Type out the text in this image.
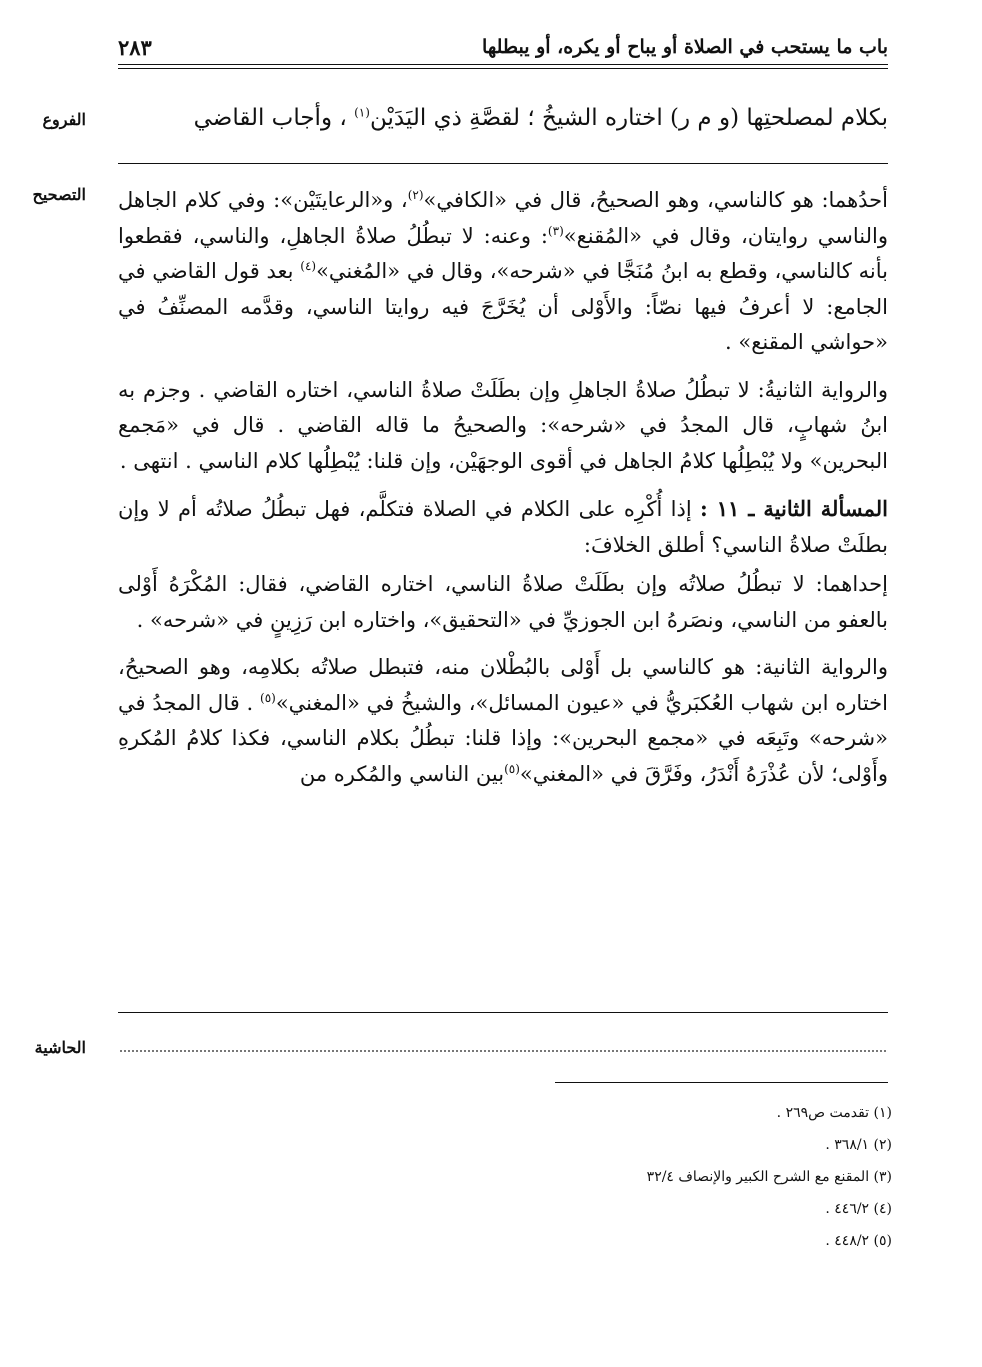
باب ما يستحب في الصلاة أو يباح أو يكره، أو يبطلها
٢٨٣
الفروع	بكلام لمصلحتِها (و م ر) اختاره الشيخُ ؛ لقصَّةِ ذي اليَدَيْن$^{(١)}$ ، وأجاب القاضي
التصحيح	أحدُهما: هو كالناسي، وهو الصحيحُ، قال في «الكافي»$^{(٢)}$، و«الرعايتَيْن»: وفي كلام الجاهل والناسي روايتان، وقال في «المُقنع»$^{(٣)}$: وعنه: لا تبطُلُ صلاةُ الجاهلِ، والناسي، فقطعوا بأنه كالناسي، وقطع به ابنُ مُنَجَّا في «شرحه»، وقال في «المُغني»$^{(٤)}$ بعد قول القاضي في الجامع: لا أعرفُ فيها نصّاً: والأَوْلى أن يُخَرَّجَ فيه روايتا الناسي، وقدَّمه المصنِّفُ في «حواشي المقنع» .

والرواية الثانيةُ: لا تبطُلُ صلاةُ الجاهلِ وإن بطَلَتْ صلاةُ الناسي، اختاره القاضي . وجزم به ابنُ شهابٍ، قال المجدُ في «شرحه»: والصحيحُ ما قاله القاضي . قال في «مَجمع البحرين» ولا يُبْطِلُها كلامُ الجاهل في أقوى الوجهَيْن، وإن قلنا: يُبْطِلُها كلام الناسي . انتهى .

المسألة الثانية ـ ١١ : إذا أُكْرِه على الكلام في الصلاة فتكلَّم، فهل تبطُلُ صلاتُه أم لا وإن بطلَتْ صلاةُ الناسي؟ أطلق الخلافَ:

إحداهما: لا تبطُلُ صلاتُه وإن بطَلَتْ صلاةُ الناسي، اختاره القاضي، فقال: المُكْرَهُ أَوْلى بالعفو من الناسي، ونصَرهُ ابن الجوزيِّ في «التحقيق»، واختاره ابن رَزِينٍ في «شرحه» .

والرواية الثانية: هو كالناسي بل أَوْلى بالبُطْلان منه، فتبطل صلاتُه بكلامِه، وهو الصحيحُ، اختاره ابن شهاب العُكبَريُّ في «عيون المسائل»، والشيخُ في «المغني»$^{(٥)}$ . قال المجدُ في «شرحه» وتَبِعَه في «مجمع البحرين»: وإذا قلنا: تبطُلُ بكلام الناسي، فكذا كلامُ المُكرهِ وأَوْلى؛ لأن عُذْرَهُ أَنْدَرُ، وفَرَّقَ في «المغني»$^{(٥)}$بين الناسي والمُكره من

الحاشية
(١) تقدمت ص٢٦٩ .
(٢) ٣٦٨/١ .
(٣) المقنع مع الشرح الكبير والإنصاف ٣٢/٤
(٤) ٤٤٦/٢ .
(٥) ٤٤٨/٢ .
